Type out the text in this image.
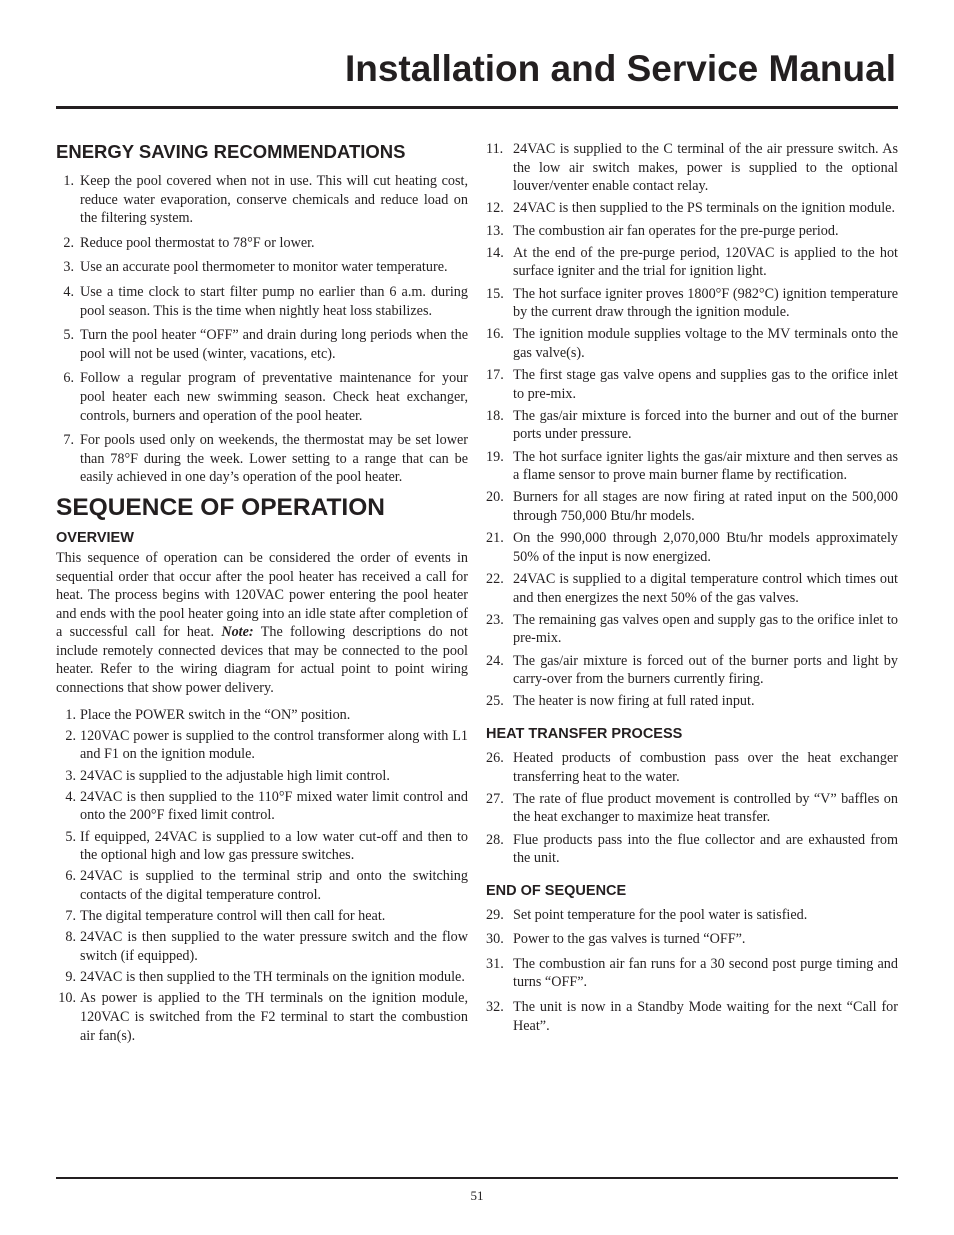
Installation and Service Manual
ENERGY SAVING RECOMMENDATIONS
1. Keep the pool covered when not in use. This will cut heating cost, reduce water evaporation, conserve chemicals and reduce load on the filtering system.
2. Reduce pool thermostat to 78°F or lower.
3. Use an accurate pool thermometer to monitor water temperature.
4. Use a time clock to start filter pump no earlier than 6 a.m. during pool season. This is the time when nightly heat loss stabilizes.
5. Turn the pool heater “OFF” and drain during long periods when the pool will not be used (winter, vacations, etc).
6. Follow a regular program of preventative maintenance for your pool heater each new swimming season. Check heat exchanger, controls, burners and operation of the pool heater.
7. For pools used only on weekends, the thermostat may be set lower than 78°F during the week. Lower setting to a range that can be easily achieved in one day’s operation of the pool heater.
SEQUENCE OF OPERATION
OVERVIEW

This sequence of operation can be considered the order of events in sequential order that occur after the pool heater has received a call for heat. The process begins with 120VAC power entering the pool heater and ends with the pool heater going into an idle state after completion of a successful call for heat. Note: The following descriptions do not include remotely connected devices that may be connected to the pool heater. Refer to the wiring diagram for actual point to point wiring connections that show power delivery.

1. Place the POWER switch in the “ON” position.
2. 120VAC power is supplied to the control transformer along with L1 and F1 on the ignition module.
3. 24VAC is supplied to the adjustable high limit control.
4. 24VAC is then supplied to the 110°F mixed water limit control and onto the 200°F fixed limit control.
5. If equipped, 24VAC is supplied to a low water cut-off and then to the optional high and low gas pressure switches.
6. 24VAC is supplied to the terminal strip and onto the switching contacts of the digital temperature control.
7. The digital temperature control will then call for heat.
8. 24VAC is then supplied to the water pressure switch and the flow switch (if equipped).
9. 24VAC is then supplied to the TH terminals on the ignition module.
10. As power is applied to the TH terminals on the ignition module, 120VAC is switched from the F2 terminal to start the combustion air fan(s).
11. 24VAC is supplied to the C terminal of the air pressure switch. As the low air switch makes, power is supplied to the optional louver/venter enable contact relay.
12. 24VAC is then supplied to the PS terminals on the ignition module.
13. The combustion air fan operates for the pre-purge period.
14. At the end of the pre-purge period, 120VAC is applied to the hot surface igniter and the trial for ignition light.
15. The hot surface igniter proves 1800°F (982°C) ignition temperature by the current draw through the ignition module.
16. The ignition module supplies voltage to the MV terminals onto the gas valve(s).
17. The first stage gas valve opens and supplies gas to the orifice inlet to pre-mix.
18. The gas/air mixture is forced into the burner and out of the burner ports under pressure.
19. The hot surface igniter lights the gas/air mixture and then serves as a flame sensor to prove main burner flame by rectification.
20. Burners for all stages are now firing at rated input on the 500,000 through 750,000 Btu/hr models.
21. On the 990,000 through 2,070,000 Btu/hr models approximately 50% of the input is now energized.
22. 24VAC is supplied to a digital temperature control which times out and then energizes the next 50% of the gas valves.
23. The remaining gas valves open and supply gas to the orifice inlet to pre-mix.
24. The gas/air mixture is forced out of the burner ports and light by carry-over from the burners currently firing.
25. The heater is now firing at full rated input.
HEAT TRANSFER PROCESS
26. Heated products of combustion pass over the heat exchanger transferring heat to the water.
27. The rate of flue product movement is controlled by “V” baffles on the heat exchanger to maximize heat transfer.
28. Flue products pass into the flue collector and are exhausted from the unit.
END OF SEQUENCE
29. Set point temperature for the pool water is satisfied.
30. Power to the gas valves is turned “OFF”.
31. The combustion air fan runs for a 30 second post purge timing and turns “OFF”.
32. The unit is now in a Standby Mode waiting for the next “Call for Heat”.
51
